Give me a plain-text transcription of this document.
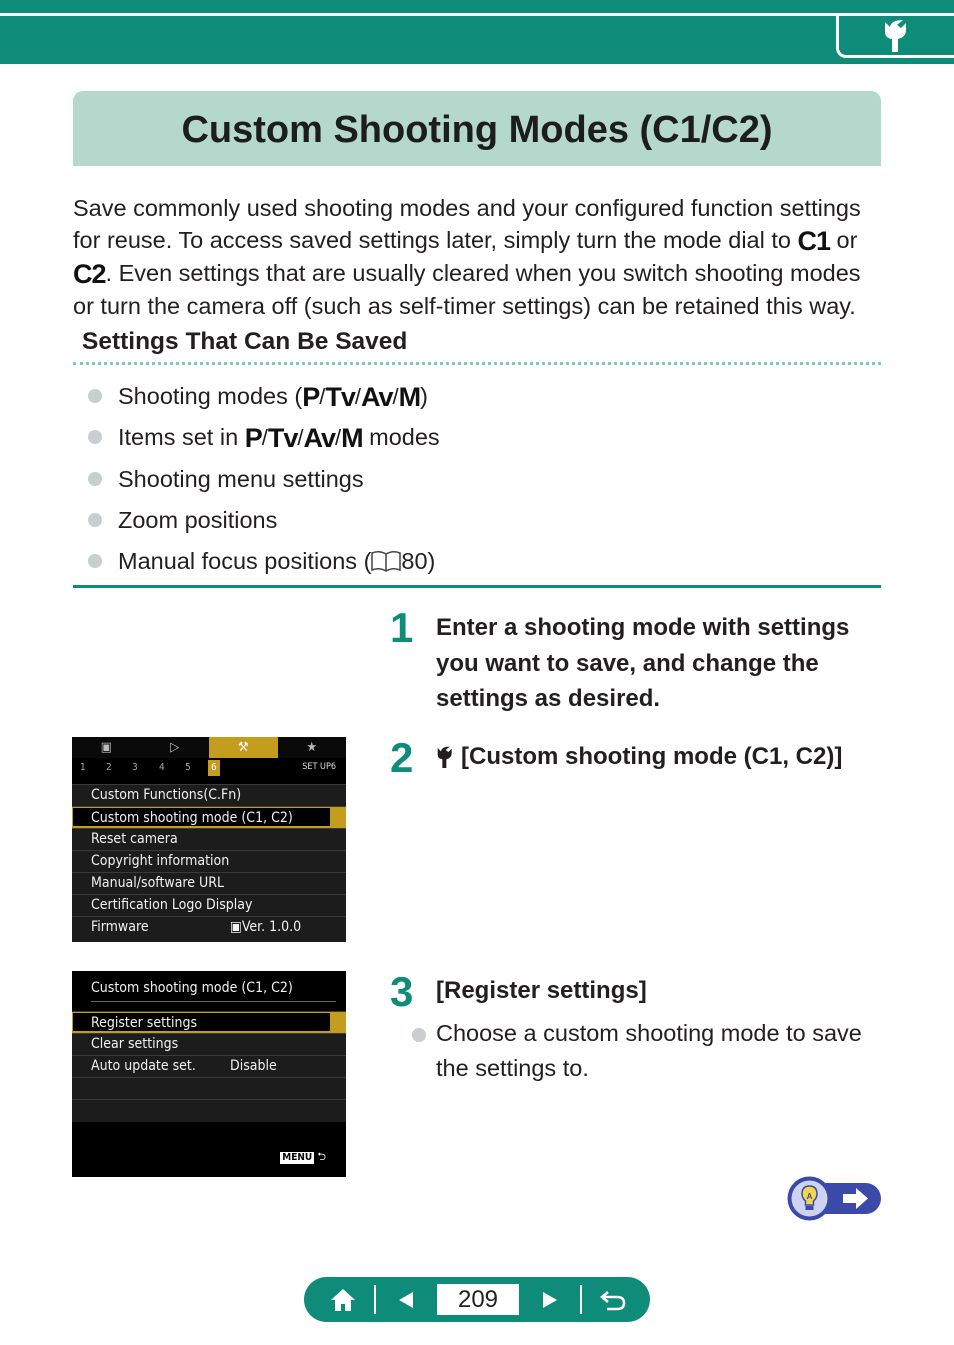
Custom Shooting Modes (C1/C2)

Save commonly used shooting modes and your configured function settings for reuse. To access saved settings later, simply turn the mode dial to C1 or C2. Even settings that are usually cleared when you switch shooting modes or turn the camera off (such as self-timer settings) can be retained this way.

Settings That Can Be Saved
Shooting modes (P/Tv/Av/M)
Items set in P/Tv/Av/M modes
Shooting menu settings
Zoom positions
Manual focus positions ( 80)
1 Enter a shooting mode with settings you want to save, and change the settings as desired.
2 [Custom shooting mode (C1, C2)]
3 [Register settings]
Choose a custom shooting mode to save the settings to.
▣	▷	⚒	★
1 2 3 4 5	6	SET UP6
Custom Functions(C.Fn)
Custom shooting mode (C1, C2)
Reset camera
Copyright information
Manual/software URL
Certification Logo Display
Firmware	▣Ver. 1.0.0
Custom shooting mode (C1, C2)
Register settings
Clear settings
Auto update set. Disable
MENU ⮌
A
209
